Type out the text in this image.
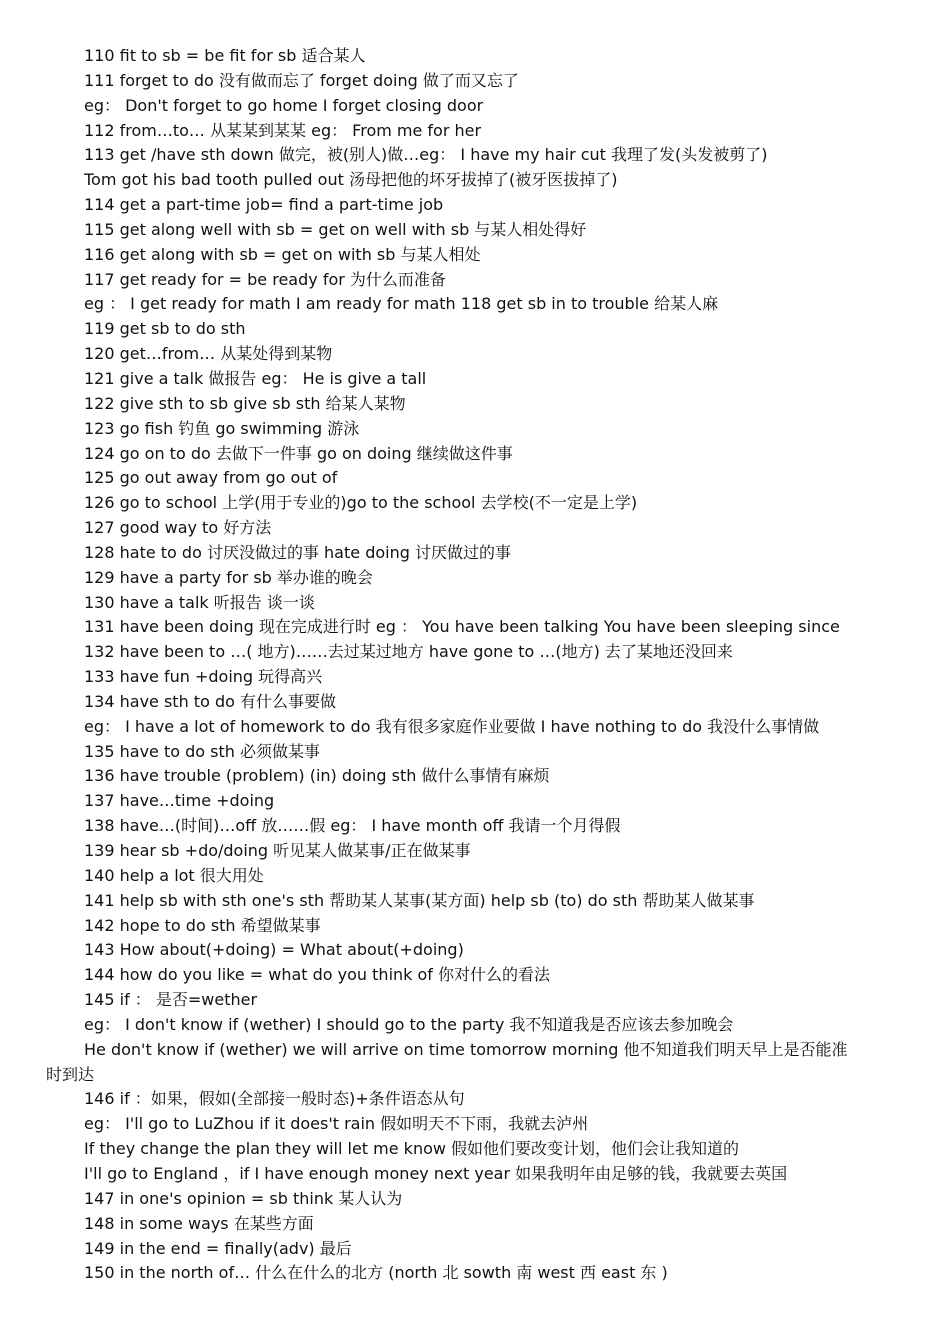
110 fit to sb = be fit for sb 适合某人
111 forget to do 没有做而忘了 forget doing 做了而又忘了
eg： Don't forget to go home I forget closing door
112 from…to… 从某某到某某 eg： From me for her
113 get /have sth down 做完，被(别人)做…eg： I have my hair cut 我理了发(头发被剪了)
Tom got his bad tooth pulled out 汤母把他的坏牙拔掉了(被牙医拔掉了)
114 get a part-time job= find a part-time job
115 get along well with sb = get on well with sb 与某人相处得好
116 get along with sb = get on with sb 与某人相处
117 get ready for = be ready for 为什么而准备
eg ： I get ready for math I am ready for math 118 get sb in to trouble 给某人麻
119 get sb to do sth
120 get…from… 从某处得到某物
121 give a talk 做报告 eg： He is give a tall
122 give sth to sb give sb sth 给某人某物
123 go fish 钓鱼 go swimming 游泳
124 go on to do 去做下一件事 go on doing 继续做这件事
125 go out away from go out of
126 go to school 上学(用于专业的)go to the school 去学校(不一定是上学)
127 good way to 好方法
128 hate to do 讨厌没做过的事 hate doing 讨厌做过的事
129 have a party for sb 举办谁的晚会
130 have a talk 听报告 谈一谈
131 have been doing 现在完成进行时 eg ： You have been talking You have been sleeping since
132 have been to …( 地方)……去过某过地方 have gone to …(地方) 去了某地还没回来
133 have fun +doing 玩得高兴
134 have sth to do 有什么事要做
eg： I have a lot of homework to do 我有很多家庭作业要做 I have nothing to do 我没什么事情做
135 have to do sth 必须做某事
136 have trouble (problem) (in) doing sth 做什么事情有麻烦
137 have…time +doing
138 have…(时间)…off 放……假 eg： I have month off 我请一个月得假
139 hear sb +do/doing 听见某人做某事/正在做某事
140 help a lot 很大用处
141 help sb with sth one's sth 帮助某人某事(某方面) help sb (to) do sth 帮助某人做某事
142 hope to do sth 希望做某事
143 How about(+doing) = What about(+doing)
144 how do you like = what do you think of 你对什么的看法
145 if ： 是否=wether
eg： I don't know if (wether) I should go to the party 我不知道我是否应该去参加晚会
He don't know if (wether) we will arrive on time tomorrow morning 他不知道我们明天早上是否能准
时到达
146 if ：如果，假如(全部接一般时态)+条件语态从句
eg： I'll go to LuZhou if it does't rain 假如明天不下雨，我就去泸州
If they change the plan they will let me know 假如他们要改变计划，他们会让我知道的
I'll go to England ，if I have enough money next year 如果我明年由足够的钱，我就要去英国
147 in one's opinion = sb think 某人认为
148 in some ways 在某些方面
149 in the end = finally(adv) 最后
150 in the north of… 什么在什么的北方 (north 北 sowth 南 west 西 east 东 )
